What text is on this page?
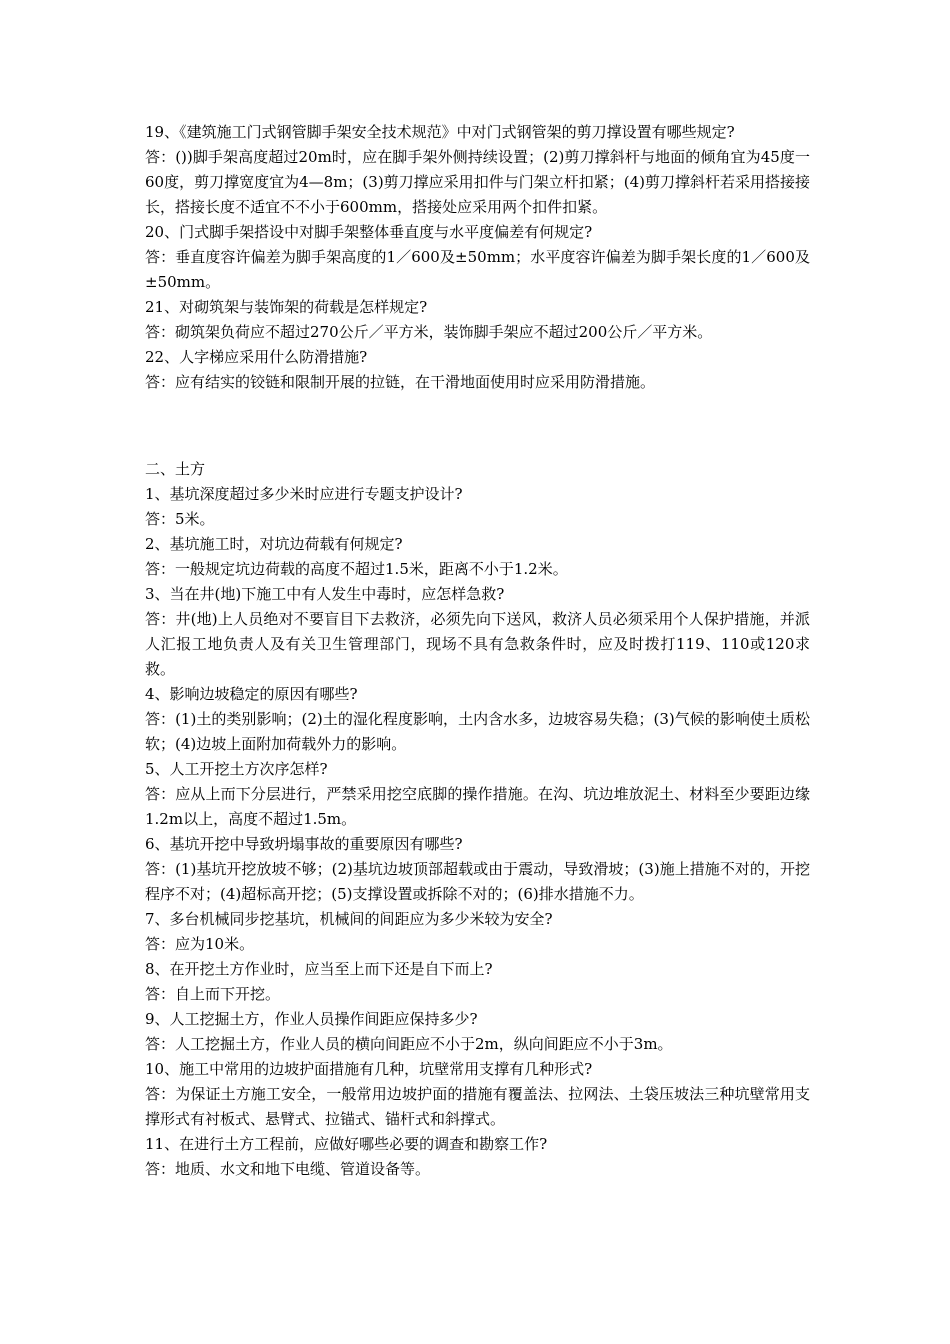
19、《建筑施工门式钢管脚手架安全技术规范》中对门式钢管架的剪刀撑设置有哪些规定?

答：())脚手架高度超过20m时，应在脚手架外侧持续设置；(2)剪刀撑斜杆与地面的倾角宜为45度一60度，剪刀撑宽度宜为4—8m；(3)剪刀撑应采用扣件与门架立杆扣紧；(4)剪刀撑斜杆若采用搭接接长，搭接长度不适宜不不小于600mm，搭接处应采用两个扣件扣紧。

20、门式脚手架搭设中对脚手架整体垂直度与水平度偏差有何规定?

答：垂直度容许偏差为脚手架高度的1／600及±50mm；水平度容许偏差为脚手架长度的1／600及±50mm。

21、对砌筑架与装饰架的荷载是怎样规定?

答：砌筑架负荷应不超过270公斤／平方米，装饰脚手架应不超过200公斤／平方米。

22、人字梯应采用什么防滑措施?

答：应有结实的铰链和限制开展的拉链，在干滑地面使用时应采用防滑措施。

二、土方

1、基坑深度超过多少米时应进行专题支护设计?

答：5米。

2、基坑施工时，对坑边荷载有何规定?

答：一般规定坑边荷载的高度不超过1.5米，距离不小于1.2米。

3、当在井(地)下施工中有人发生中毒时，应怎样急救?

答：井(地)上人员绝对不要盲目下去救济，必须先向下送风，救济人员必须采用个人保护措施，并派人汇报工地负责人及有关卫生管理部门，现场不具有急救条件时，应及时拨打119、110或120求救。

4、影响边坡稳定的原因有哪些?

答：(1)土的类别影响；(2)土的湿化程度影响，土内含水多，边坡容易失稳；(3)气候的影响使土质松软；(4)边坡上面附加荷载外力的影响。

5、人工开挖土方次序怎样?

答：应从上而下分层进行，严禁采用挖空底脚的操作措施。在沟、坑边堆放泥土、材料至少要距边缘1.2m以上，高度不超过1.5m。

6、基坑开挖中导致坍塌事故的重要原因有哪些?

答：(1)基坑开挖放坡不够；(2)基坑边坡顶部超载或由于震动，导致滑坡；(3)施上措施不对的，开挖程序不对；(4)超标高开挖；(5)支撑设置或拆除不对的；(6)排水措施不力。

7、多台机械同步挖基坑，机械间的间距应为多少米较为安全?

答：应为10米。

8、在开挖土方作业时，应当至上而下还是自下而上?

答：自上而下开挖。

9、人工挖掘土方，作业人员操作间距应保持多少?

答：人工挖掘土方，作业人员的横向间距应不小于2m，纵向间距应不小于3m。

10、施工中常用的边坡护面措施有几种，坑壁常用支撑有几种形式?

答：为保证土方施工安全，一般常用边坡护面的措施有覆盖法、拉网法、土袋压坡法三种坑壁常用支撑形式有衬板式、悬臂式、拉锚式、锚杆式和斜撑式。

11、在进行土方工程前，应做好哪些必要的调查和勘察工作?

答：地质、水文和地下电缆、管道设备等。
